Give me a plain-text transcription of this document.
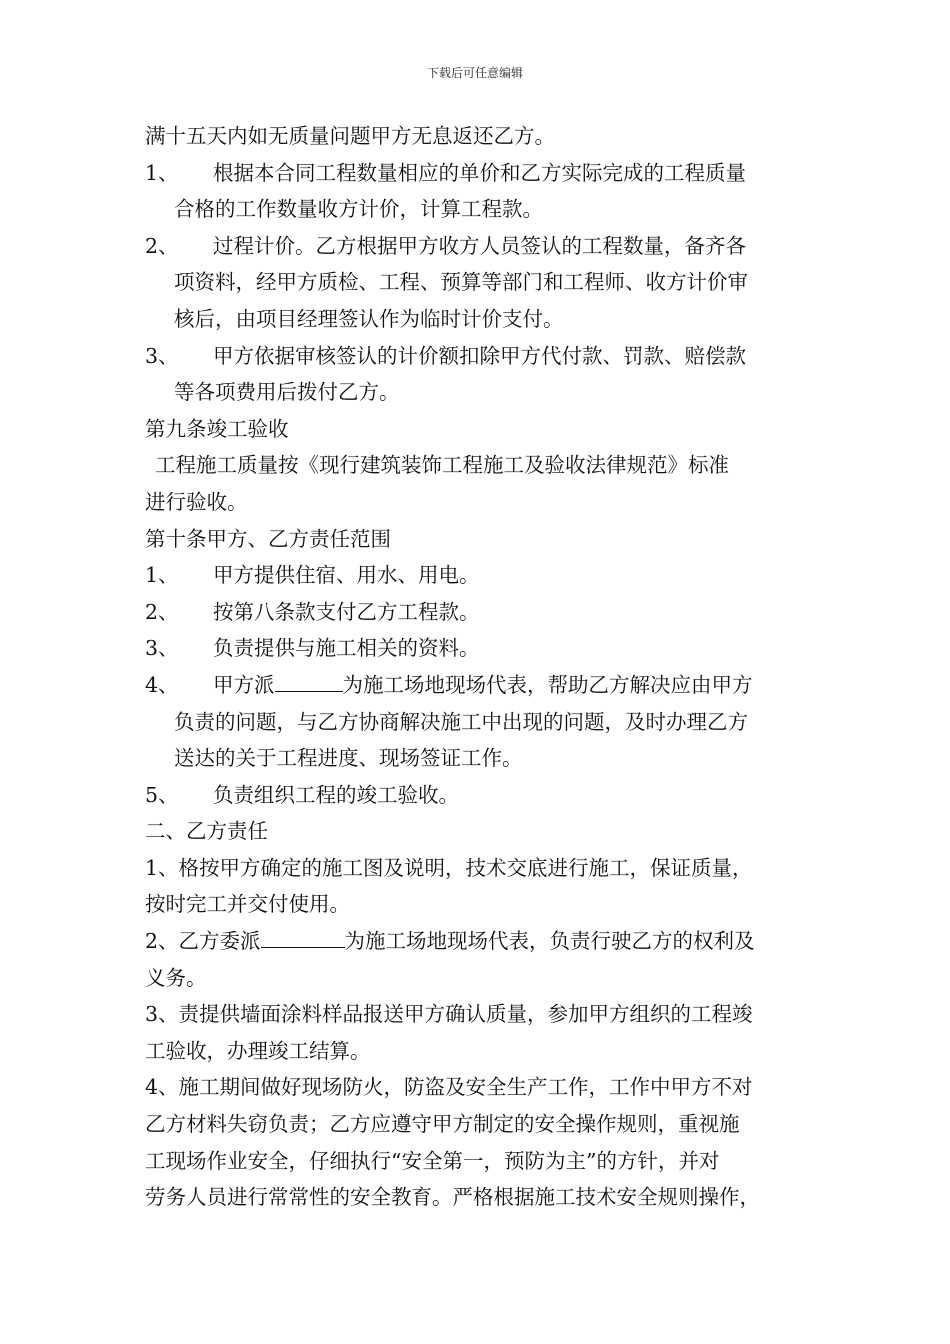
下载后可任意编辑
满十五天内如无质量问题甲方无息返还乙方。
1、 根据本合同工程数量相应的单价和乙方实际完成的工程质量
合格的工作数量收方计价，计算工程款。
2、 过程计价。乙方根据甲方收方人员签认的工程数量，备齐各
项资料，经甲方质检、工程、预算等部门和工程师、收方计价审
核后，由项目经理签认作为临时计价支付。
3、 甲方依据审核签认的计价额扣除甲方代付款、罚款、赔偿款
等各项费用后拨付乙方。
第九条竣工验收
工程施工质量按《现行建筑装饰工程施工及验收法律规范》标准
进行验收。
第十条甲方、乙方责任范围
1、 甲方提供住宿、用水、用电。
2、 按第八条款支付乙方工程款。
3、 负责提供与施工相关的资料。
4、 甲方派	为施工场地现场代表，帮助乙方解决应由甲方
负责的问题，与乙方协商解决施工中出现的问题，及时办理乙方
送达的关于工程进度、现场签证工作。
5、 负责组织工程的竣工验收。
二、乙方责任
1、格按甲方确定的施工图及说明，技术交底进行施工，保证质量，
按时完工并交付使用。
2、乙方委派	为施工场地现场代表，负责行驶乙方的权利及
义务。
3、责提供墙面涂料样品报送甲方确认质量，参加甲方组织的工程竣
工验收，办理竣工结算。
4、施工期间做好现场防火，防盗及安全生产工作，工作中甲方不对
乙方材料失窃负责；乙方应遵守甲方制定的安全操作规则，重视施
工现场作业安全，仔细执行“安全第一，预防为主”的方针，并对
劳务人员进行常常性的安全教育。严格根据施工技术安全规则操作，
